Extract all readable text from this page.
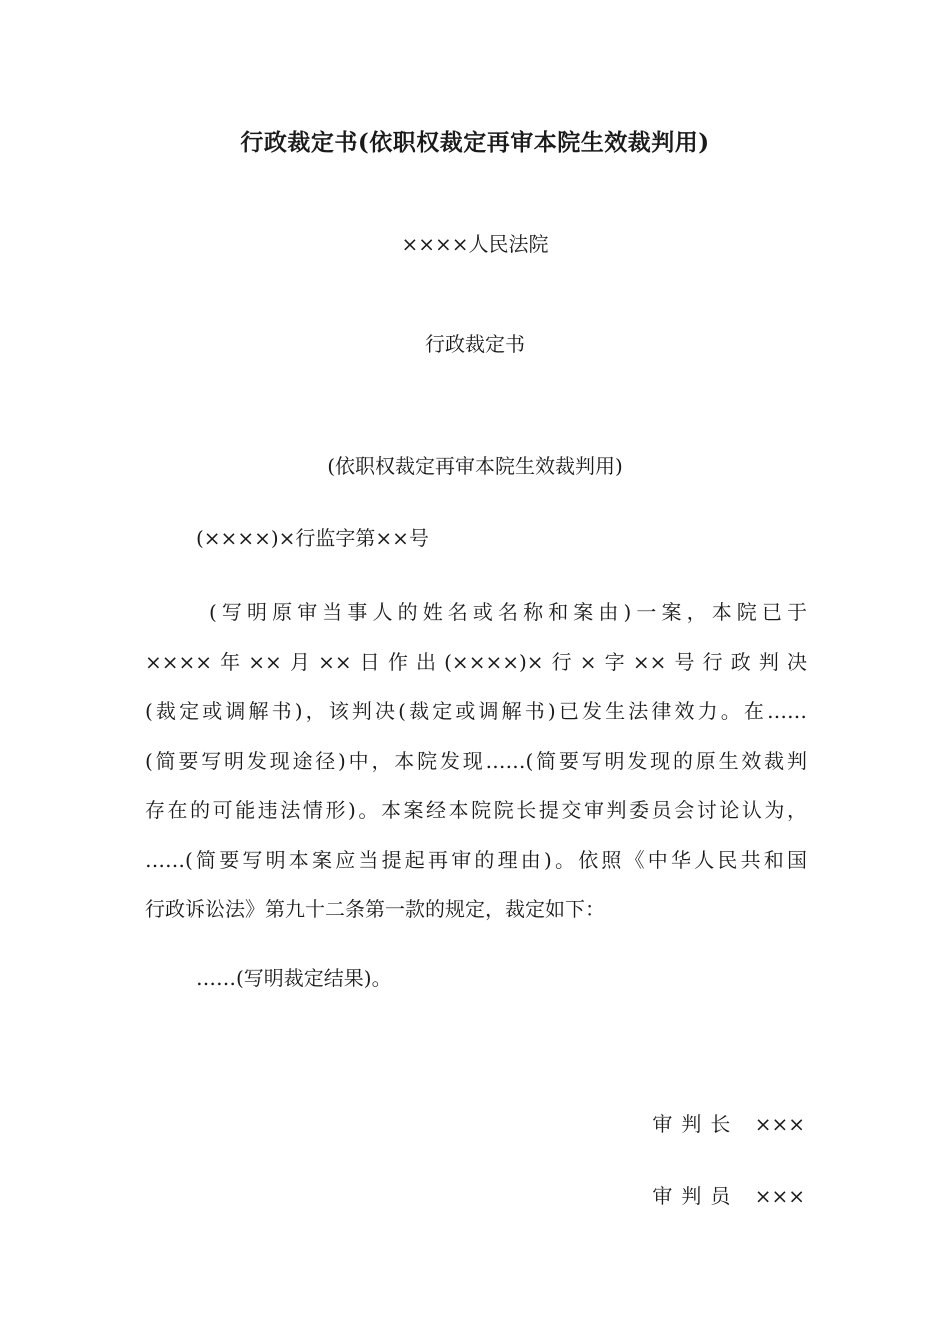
行政裁定书(依职权裁定再审本院生效裁判用)

××××人民法院

行政裁定书

(依职权裁定再审本院生效裁判用)

(××××)×行监字第××号

(写明原审当事人的姓名或名称和案由)一案，本院已于
××××年××月××日作出(××××)×行×字××号行政判决
(裁定或调解书)，该判决(裁定或调解书)已发生法律效力。在……
(简要写明发现途径)中，本院发现……(简要写明发现的原生效裁判
存在的可能违法情形)。本案经本院院长提交审判委员会讨论认为，
……(简要写明本案应当提起再审的理由)。依照《中华人民共和国
行政诉讼法》第九十二条第一款的规定，裁定如下：

……(写明裁定结果)。

审判长 ×××

审判员 ×××
